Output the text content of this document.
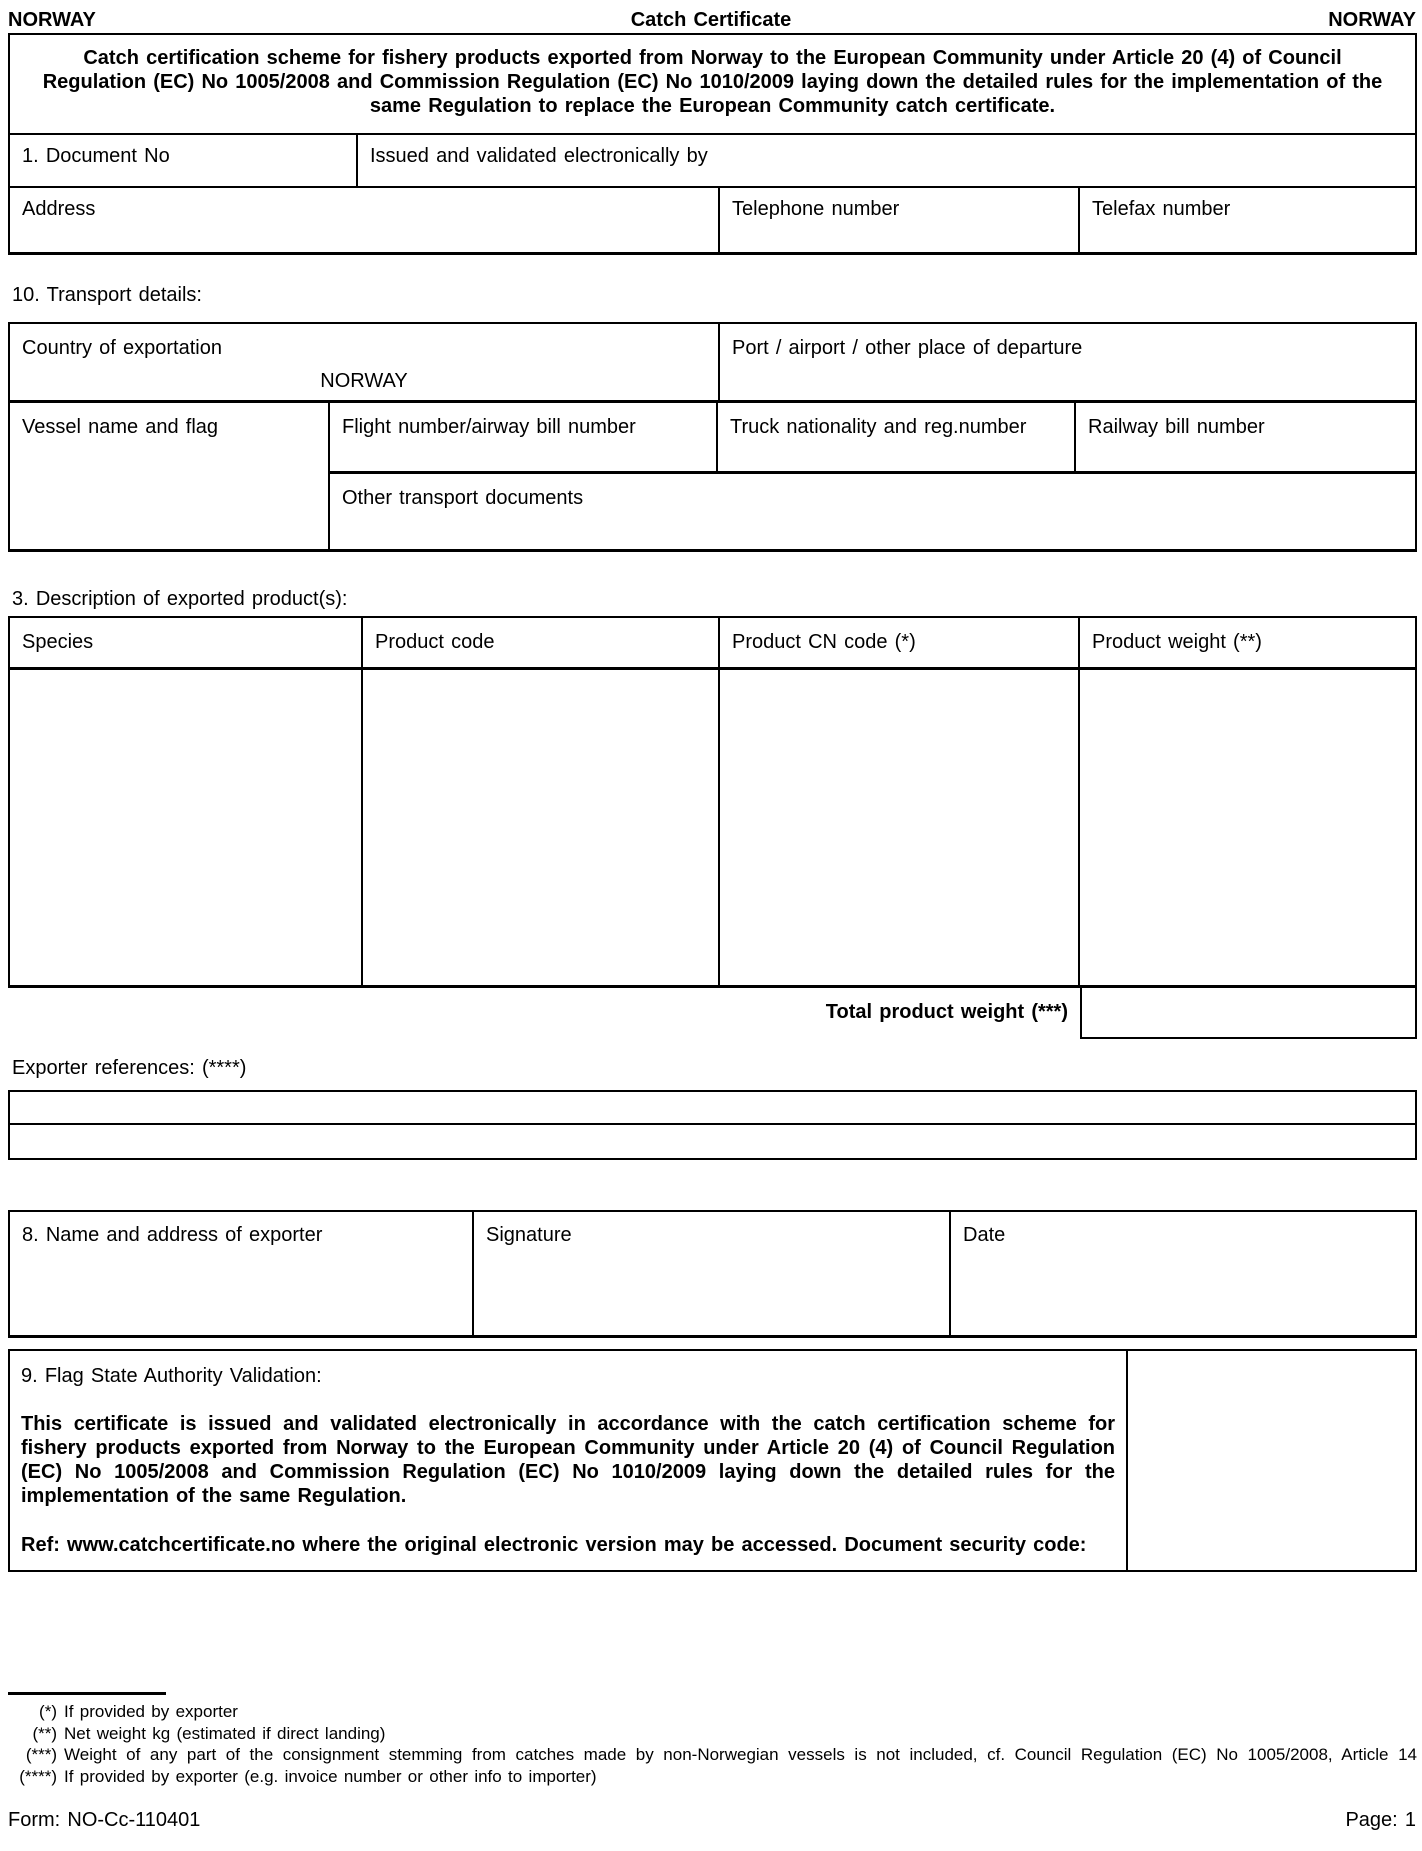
NORWAY	Catch Certificate	NORWAY
Catch certification scheme for fishery products exported from Norway to the European Community under Article 20 (4) of Council Regulation (EC) No 1005/2008 and Commission Regulation (EC) No 1010/2009 laying down the detailed rules for the implementation of the same Regulation to replace the European Community catch certificate.
1. Document No	Issued and validated electronically by
Address	Telephone number	Telefax number
10. Transport details:
Country of exportation
NORWAY
Port / airport / other place of departure
Vessel name and flag	Flight number/airway bill number	Truck nationality and reg.number	Railway bill number
Other transport documents
3. Description of exported product(s):
Species	Product code	Product CN code (*)	Product weight (**)
Total product weight (***)
Exporter references: (****)
8. Name and address of exporter	Signature	Date
9. Flag State Authority Validation:
This certificate is issued and validated electronically in accordance with the catch certification scheme for fishery products exported from Norway to the European Community under Article 20 (4) of Council Regulation (EC) No 1005/2008 and Commission Regulation (EC) No 1010/2009 laying down the detailed rules for the implementation of the same Regulation.
Ref: www.catchcertificate.no where the original electronic version may be accessed. Document security code:
(*) If provided by exporter
(**) Net weight kg (estimated if direct landing)
(***) Weight of any part of the consignment stemming from catches made by non-Norwegian vessels is not included, cf. Council Regulation (EC) No 1005/2008, Article 14
(****) If provided by exporter (e.g. invoice number or other info to importer)
Form: NO-Cc-110401	Page: 1
